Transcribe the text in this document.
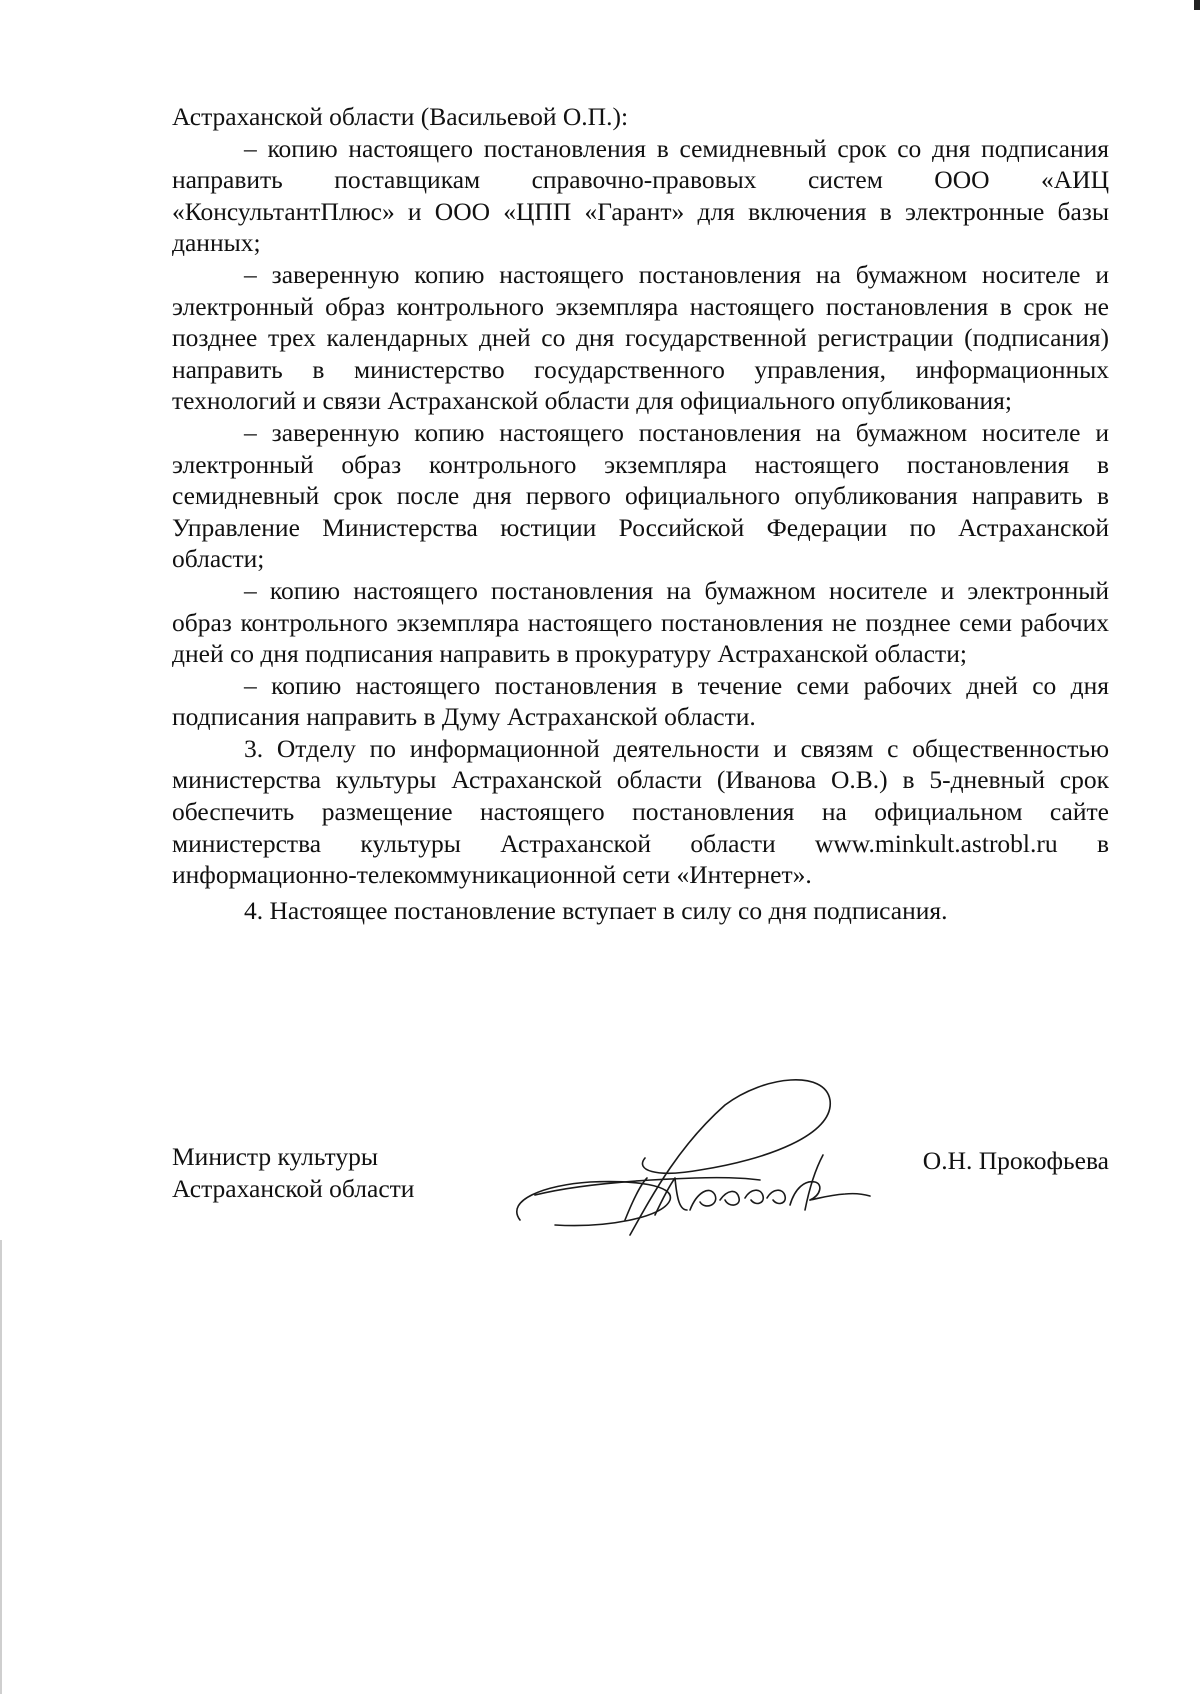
Астраханской области (Васильевой О.П.):

– копию настоящего постановления в семидневный срок со дня подписания направить поставщикам справочно-правовых систем ООО «АИЦ «КонсультантПлюс» и ООО «ЦПП «Гарант» для включения в электронные базы данных;

– заверенную копию настоящего постановления на бумажном носителе и электронный образ контрольного экземпляра настоящего постановления в срок не позднее трех календарных дней со дня государственной регистрации (подписания) направить в министерство государственного управления, информационных технологий и связи Астраханской области для официального опубликования;

– заверенную копию настоящего постановления на бумажном носителе и электронный образ контрольного экземпляра настоящего постановления в семидневный срок после дня первого официального опубликования направить в Управление Министерства юстиции Российской Федерации по Астраханской области;

– копию настоящего постановления на бумажном носителе и электронный образ контрольного экземпляра настоящего постановления не позднее семи рабочих дней со дня подписания направить в прокуратуру Астраханской области;

– копию настоящего постановления в течение семи рабочих дней со дня подписания направить в Думу Астраханской области.

3. Отделу по информационной деятельности и связям с общественностью министерства культуры Астраханской области (Иванова О.В.) в 5-дневный срок обеспечить размещение настоящего постановления на официальном сайте министерства культуры Астраханской области www.minkult.astrobl.ru в информационно-телекоммуникационной сети «Интернет».

4. Настоящее постановление вступает в силу со дня подписания.

Министр культуры
Астраханской области
О.Н. Прокофьева
